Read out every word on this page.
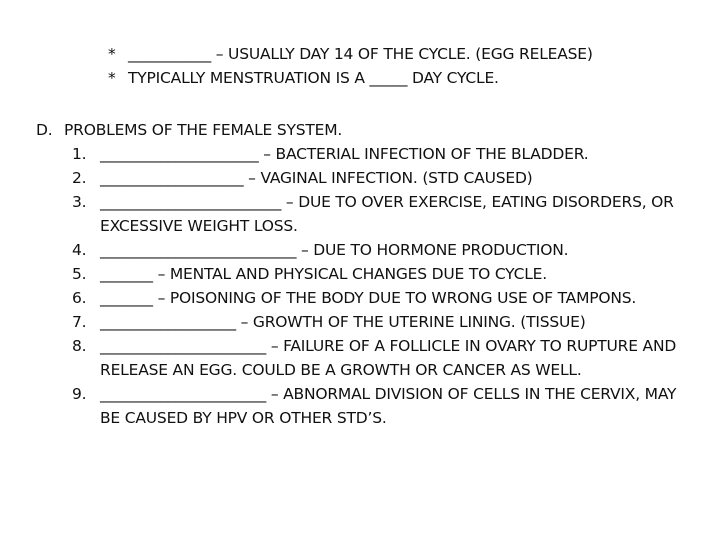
* ___________ – USUALLY DAY 14 OF THE CYCLE. (EGG RELEASE)
* TYPICALLY MENSTRUATION IS A _____ DAY CYCLE.
D. PROBLEMS OF THE FEMALE SYSTEM.
1. _____________________ – BACTERIAL INFECTION OF THE BLADDER.
2. ___________________ – VAGINAL INFECTION. (STD CAUSED)
3. ________________________ – DUE TO OVER EXERCISE, EATING DISORDERS, OR EXCESSIVE WEIGHT LOSS.
4. __________________________ – DUE TO HORMONE PRODUCTION.
5. _______ – MENTAL AND PHYSICAL CHANGES DUE TO CYCLE.
6. _______ – POISONING OF THE BODY DUE TO WRONG USE OF TAMPONS.
7. __________________ – GROWTH OF THE UTERINE LINING. (TISSUE)
8. ______________________ – FAILURE OF A FOLLICLE IN OVARY TO RUPTURE AND RELEASE AN EGG. COULD BE A GROWTH OR CANCER AS WELL.
9. ______________________ – ABNORMAL DIVISION OF CELLS IN THE CERVIX, MAY BE CAUSED BY HPV OR OTHER STD’S.
